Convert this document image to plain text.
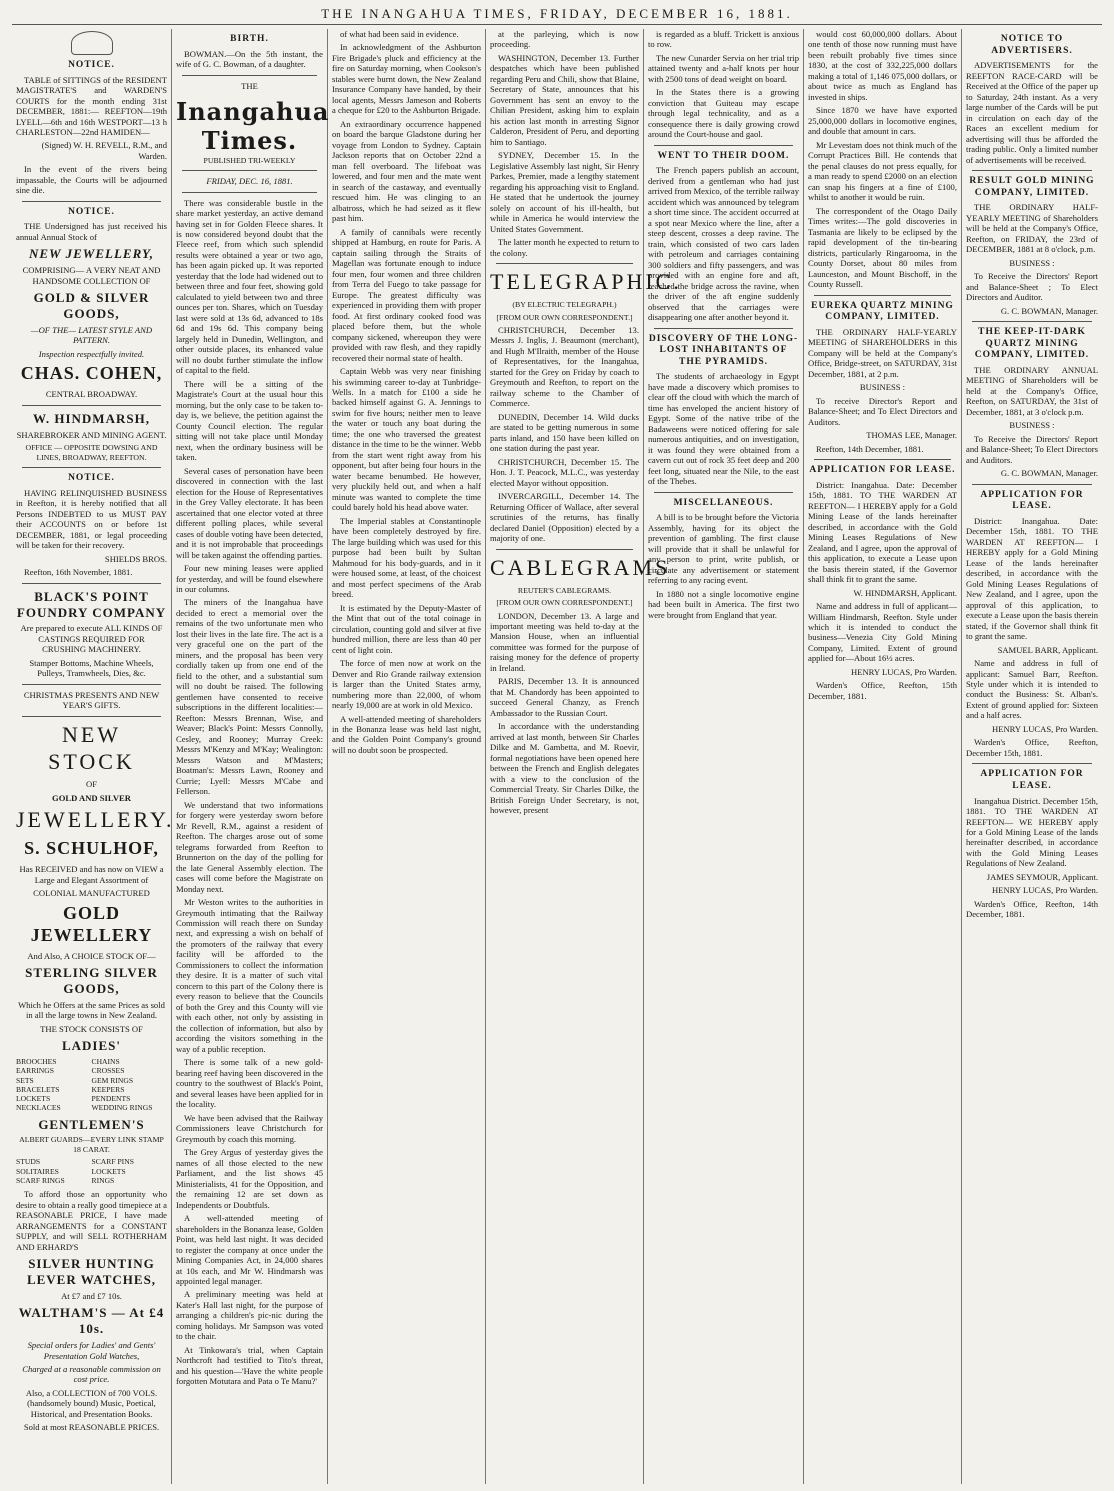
THE INANGAHUA TIMES, FRIDAY, DECEMBER 16, 1881.
NOTICE.

TABLE of SITTINGS of the RESIDENT MAGISTRATE'S and WARDEN'S COURTS for the month ending 31st DECEMBER, 1881:— REEFTON—19th LYELL—6th and 16th WESTPORT—13 h CHARLESTON—22nd HAMIDEN—

(Signed) W. H. REVELL, R.M., and Warden.

In the event of the rivers being impassable, the Courts will be adjourned sine die.

NOTICE.

THE Undersigned has just received his annual Annual Stock of

NEW JEWELLERY,

COMPRISING— A VERY NEAT AND HANDSOME COLLECTION OF

GOLD & SILVER GOODS,

—OF THE— LATEST STYLE AND PATTERN.

Inspection respectfully invited.

CHAS. COHEN,

CENTRAL BROADWAY.

W. HINDMARSH,

SHAREBROKER AND MINING AGENT.

OFFICE — OPPOSITE DOWSING AND LINES, BROADWAY, REEFTON.

NOTICE.

HAVING RELINQUISHED BUSINESS in Reefton, it is hereby notified that all Persons INDEBTED to us MUST PAY their ACCOUNTS on or before 1st DECEMBER, 1881, or legal proceeding will be taken for their recovery.

SHIELDS BROS.

Reefton, 16th November, 1881.

BLACK'S POINT FOUNDRY COMPANY

Are prepared to execute ALL KINDS OF CASTINGS REQUIRED FOR CRUSHING MACHINERY.

Stamper Bottoms, Machine Wheels, Pulleys, Tramwheels, Dies, &c.

CHRISTMAS PRESENTS AND NEW YEAR'S GIFTS.

NEW STOCK

OF

GOLD AND SILVER

JEWELLERY.
S. SCHULHOF,

Has RECEIVED and has now on VIEW a Large and Elegant Assortment of

COLONIAL MANUFACTURED

GOLD JEWELLERY

And Also, A CHOICE STOCK OF—

STERLING SILVER GOODS,

Which he Offers at the same Prices as sold in all the large towns in New Zealand.

THE STOCK CONSISTS OF

LADIES'
BROOCHES	CHAINS
EARRINGS	CROSSES
SETS	GEM RINGS
BRACELETS	KEEPERS
LOCKETS	PENDENTS
NECKLACES	WEDDING RINGS
GENTLEMEN'S

ALBERT GUARDS—EVERY LINK STAMP 18 CARAT.

STUDS	SCARF PINS
SOLITAIRES	LOCKETS
SCARF RINGS	RINGS

To afford those an opportunity who desire to obtain a really good timepiece at a REASONABLE PRICE, I have made ARRANGEMENTS for a CONSTANT SUPPLY, and will SELL ROTHERHAM AND ERHARD'S

SILVER HUNTING LEVER WATCHES,

At £7 and £7 10s.

WALTHAM'S — At £4 10s.

Special orders for Ladies' and Gents' Presentation Gold Watches,

Charged at a reasonable commission on cost price.

Also, a COLLECTION of 700 VOLS. (handsomely bound) Music, Poetical, Historical, and Presentation Books.

Sold at most REASONABLE PRICES.

BIRTH.

BOWMAN.—On the 5th instant, the wife of G. C. Bowman, of a daughter.

THE

Inangahua Times.

PUBLISHED TRI-WEEKLY

FRIDAY, DEC. 16, 1881.

There was considerable bustle in the share market yesterday, an active demand having set in for Golden Fleece shares. It is now considered beyond doubt that the Fleece reef, from which such splendid results were obtained a year or two ago, has been again picked up. It was reported yesterday that the lode had widened out to between three and four feet, showing gold calculated to yield between two and three ounces per ton. Shares, which on Tuesday last were sold at 13s 6d, advanced to 18s 6d and 19s 6d. This company being largely held in Dunedin, Wellington, and other outside places, its enhanced value will no doubt further stimulate the inflow of capital to the field.

There will be a sitting of the Magistrate's Court at the usual hour this morning, but the only case to be taken to-day is, we believe, the petition against the County Council election. The regular sitting will not take place until Monday next, when the ordinary business will be taken.

Several cases of personation have been discovered in connection with the last election for the House of Representatives in the Grey Valley electorate. It has been ascertained that one elector voted at three different polling places, while several cases of double voting have been detected, and it is not improbable that proceedings will be taken against the offending parties.

Four new mining leases were applied for yesterday, and will be found elsewhere in our columns.

The miners of the Inangahua have decided to erect a memorial over the remains of the two unfortunate men who lost their lives in the late fire. The act is a very graceful one on the part of the miners, and the proposal has been very cordially taken up from one end of the field to the other, and a substantial sum will no doubt be raised. The following gentlemen have consented to receive subscriptions in the different localities:—Reefton: Messrs Brennan, Wise, and Weaver; Black's Point: Messrs Connolly, Cesley, and Rooney; Murray Creek: Messrs M'Kenzy and M'Kay; Wealington: Messrs Watson and M'Masters; Boatman's: Messrs Lawn, Rooney and Currie; Lyell: Messrs M'Cabe and Fellerson.

We understand that two informations for forgery were yesterday sworn before Mr Revell, R.M., against a resident of Reefton. The charges arose out of some telegrams forwarded from Reefton to Brunnerton on the day of the polling for the late General Assembly election. The cases will come before the Magistrate on Monday next.

Mr Weston writes to the authorities in Greymouth intimating that the Railway Commission will reach there on Sunday next, and expressing a wish on behalf of the promoters of the railway that every facility will be afforded to the Commissioners to collect the information they desire. It is a matter of such vital concern to this part of the Colony there is every reason to believe that the Councils of both the Grey and this County will vie with each other, not only by assisting in the collection of information, but also by according the visitors something in the way of a public reception.

There is some talk of a new gold-bearing reef having been discovered in the country to the southwest of Black's Point, and several leases have been applied for in the locality.

We have been advised that the Railway Commissioners leave Christchurch for Greymouth by coach this morning.

The Grey Argus of yesterday gives the names of all those elected to the new Parliament, and the list shows 45 Ministerialists, 41 for the Opposition, and the remaining 12 are set down as Independents or Doubtfuls.

A well-attended meeting of shareholders in the Bonanza lease, Golden Point, was held last night. It was decided to register the company at once under the Mining Companies Act, in 24,000 shares at 10s each, and Mr W. Hindmarsh was appointed legal manager.

A preliminary meeting was held at Kater's Hall last night, for the purpose of arranging a children's pic-nic during the coming holidays. Mr Sampson was voted to the chair.

At Tinkowara's trial, when Captain Northcroft had testified to Tito's threat, and his question—'Have the white people forgotten Motutara and Pata o Te Manu?'

of what had been said in evidence.

In acknowledgment of the Ashburton Fire Brigade's pluck and efficiency at the fire on Saturday morning, when Cookson's stables were burnt down, the New Zealand Insurance Company have handed, by their local agents, Messrs Jameson and Roberts a cheque for £20 to the Ashburton Brigade.

An extraordinary occurrence happened on board the barque Gladstone during her voyage from London to Sydney. Captain Jackson reports that on October 22nd a man fell overboard. The lifeboat was lowered, and four men and the mate went in search of the castaway, and eventually rescued him. He was clinging to an albatross, which he had seized as it flew past him.

A family of cannibals were recently shipped at Hamburg, en route for Paris. A captain sailing through the Straits of Magellan was fortunate enough to induce four men, four women and three children from Terra del Fuego to take passage for Europe. The greatest difficulty was experienced in providing them with proper food. At first ordinary cooked food was placed before them, but the whole company sickened, whereupon they were provided with raw flesh, and they rapidly recovered their normal state of health.

Captain Webb was very near finishing his swimming career to-day at Tunbridge-Wells. In a match for £100 a side he backed himself against G. A. Jennings to swim for five hours; neither men to leave the water or touch any boat during the time; the one who traversed the greatest distance in the time to be the winner. Webb from the start went right away from his opponent, but after being four hours in the water became benumbed. He however, very pluckily held out, and when a half minute was wanted to complete the time could barely hold his head above water.

The Imperial stables at Constantinople have been completely destroyed by fire. The large building which was used for this purpose had been built by Sultan Mahmoud for his body-guards, and in it were housed some, at least, of the choicest and most perfect specimens of the Arab breed.

It is estimated by the Deputy-Master of the Mint that out of the total coinage in circulation, counting gold and silver at five hundred million, there are less than 40 per cent of light coin.

The force of men now at work on the Denver and Rio Grande railway extension is larger than the United States army, numbering more than 22,000, of whom nearly 19,000 are at work in old Mexico.

A well-attended meeting of shareholders in the Bonanza lease was held last night, and the Golden Point Company's ground will no doubt soon be prospected.

at the parleying, which is now proceeding.

WASHINGTON, December 13. Further despatches which have been published regarding Peru and Chili, show that Blaine, Secretary of State, announces that his Government has sent an envoy to the Chilian President, asking him to explain his action last month in arresting Signor Calderon, President of Peru, and deporting him to Santiago.

SYDNEY, December 15. In the Legislative Assembly last night, Sir Henry Parkes, Premier, made a lengthy statement regarding his approaching visit to England. He stated that he undertook the journey solely on account of his ill-health, but while in America he would interview the United States Government.

The latter month he expected to return to the colony.

TELEGRAPHIC.

(BY ELECTRIC TELEGRAPH.)

[FROM OUR OWN CORRESPONDENT.]

CHRISTCHURCH, December 13. Messrs J. Inglis, J. Beaumont (merchant), and Hugh M'Ilraith, member of the House of Representatives, for the Inangahua, started for the Grey on Friday by coach to Greymouth and Reefton, to report on the railway scheme to the Chamber of Commerce.

DUNEDIN, December 14. Wild ducks are stated to be getting numerous in some parts inland, and 150 have been killed on one station during the past year.

CHRISTCHURCH, December 15. The Hon. J. T. Peacock, M.L.C., was yesterday elected Mayor without opposition.

INVERCARGILL, December 14. The Returning Officer of Wallace, after several scrutinies of the returns, has finally declared Daniel (Opposition) elected by a majority of one.

CABLEGRAMS

REUTER'S CABLEGRAMS.

[FROM OUR OWN CORRESPONDENT.]

LONDON, December 13. A large and important meeting was held to-day at the Mansion House, when an influential committee was formed for the purpose of raising money for the defence of property in Ireland.

PARIS, December 13. It is announced that M. Chandordy has been appointed to succeed General Chanzy, as French Ambassador to the Russian Court.

In accordance with the understanding arrived at last month, between Sir Charles Dilke and M. Gambetta, and M. Roevir, formal negotiations have been opened here between the French and English delegates with a view to the conclusion of the Commercial Treaty. Sir Charles Dilke, the British Foreign Under Secretary, is not, however, present

is regarded as a bluff. Trickett is anxious to row.

The new Cunarder Servia on her trial trip attained twenty and a-half knots per hour with 2500 tons of dead weight on board.

In the States there is a growing conviction that Guiteau may escape through legal technicality, and as a consequence there is daily growing crowd around the Court-house and gaol.

WENT TO THEIR DOOM.

The French papers publish an account, derived from a gentleman who had just arrived from Mexico, of the terrible railway accident which was announced by telegram a short time since. The accident occurred at a spot near Mexico where the line, after a steep descent, crosses a deep ravine. The train, which consisted of two cars laden with petroleum and carriages containing 300 soldiers and fifty passengers, and was provided with an engine fore and aft, reached the bridge across the ravine, when the driver of the aft engine suddenly observed that the carriages were disappearing one after another beyond it.

DISCOVERY OF THE LONG-LOST INHABITANTS OF THE PYRAMIDS.

The students of archaeology in Egypt have made a discovery which promises to clear off the cloud with which the march of time has enveloped the ancient history of Egypt. Some of the native tribe of the Badaweens were noticed offering for sale numerous antiquities, and on investigation, it was found they were obtained from a cavern cut out of rock 35 feet deep and 200 feet long, situated near the Nile, to the east of the Thebes.

MISCELLANEOUS.

A bill is to be brought before the Victoria Assembly, having for its object the prevention of gambling. The first clause will provide that it shall be unlawful for any person to print, write publish, or circulate any advertisement or statement referring to any racing event.

In 1880 not a single locomotive engine had been built in America. The first two were brought from England that year.

would cost 60,000,000 dollars. About one tenth of those now running must have been rebuilt probably five times since 1830, at the cost of 332,225,000 dollars making a total of 1,146 075,000 dollars, or about twice as much as England has invested in ships.

Since 1870 we have have exported 25,000,000 dollars in locomotive engines, and double that amount in cars.

Mr Levestam does not think much of the Corrupt Practices Bill. He contends that the penal clauses do not press equally, for a man ready to spend £2000 on an election can snap his fingers at a fine of £100, whilst to another it would be ruin.

The correspondent of the Otago Daily Times writes:—The gold discoveries in Tasmania are likely to be eclipsed by the rapid development of the tin-bearing districts, particularly Ringarooma, in the County Dorset, about 80 miles from Launceston, and Mount Bischoff, in the County Russell.

EUREKA QUARTZ MINING COMPANY, LIMITED.

THE ORDINARY HALF-YEARLY MEETING of SHAREHOLDERS in this Company will be held at the Company's Office, Bridge-street, on SATURDAY, 31st December, 1881, at 2 p.m.

BUSINESS :

To receive Director's Report and Balance-Sheet; and To Elect Directors and Auditors.

THOMAS LEE, Manager.

Reefton, 14th December, 1881.

APPLICATION FOR LEASE.

District: Inangahua. Date: December 15th, 1881. TO THE WARDEN AT REEFTON— I HEREBY apply for a Gold Mining Lease of the lands hereinafter described, in accordance with the Gold Mining Leases Regulations of New Zealand, and I agree, upon the approval of this application, to execute a Lease upon the basis therein stated, if the Governor shall think fit to grant the same.

W. HINDMARSH, Applicant.

Name and address in full of applicant—William Hindmarsh, Reefton. Style under which it is intended to conduct the business—Venezia City Gold Mining Company, Limited. Extent of ground applied for—About 16½ acres.

HENRY LUCAS, Pro Warden.

Warden's Office, Reefton, 15th December, 1881.

NOTICE TO ADVERTISERS.

ADVERTISEMENTS for the REEFTON RACE-CARD will be Received at the Office of the paper up to Saturday, 24th instant. As a very large number of the Cards will be put in circulation on each day of the Races an excellent medium for advertising will thus be afforded the trading public. Only a limited number of advertisements will be received.

RESULT GOLD MINING COMPANY, LIMITED.

THE ORDINARY HALF-YEARLY MEETING of Shareholders will be held at the Company's Office, Reefton, on FRIDAY, the 23rd of DECEMBER, 1881 at 8 o'clock, p.m.

BUSINESS :

To Receive the Directors' Report and Balance-Sheet ; To Elect Directors and Auditor.

G. C. BOWMAN, Manager.

THE KEEP-IT-DARK QUARTZ MINING COMPANY, LIMITED.

THE ORDINARY ANNUAL MEETING of Shareholders will be held at the Company's Office, Reefton, on SATURDAY, the 31st of December, 1881, at 3 o'clock p.m.

BUSINESS :

To Receive the Directors' Report and Balance-Sheet; To Elect Directors and Auditors.

G. C. BOWMAN, Manager.

APPLICATION FOR LEASE.

District: Inangahua. Date: December 15th, 1881. TO THE WARDEN AT REEFTON— I HEREBY apply for a Gold Mining Lease of the lands hereinafter described, in accordance with the Gold Mining Leases Regulations of New Zealand, and I agree, upon the approval of this application, to execute a Lease upon the basis therein stated, if the Governor shall think fit to grant the same.

SAMUEL BARR, Applicant.

Name and address in full of applicant: Samuel Barr, Reefton. Style under which it is intended to conduct the Business: St. Alban's. Extent of ground applied for: Sixteen and a half acres.

HENRY LUCAS, Pro Warden.

Warden's Office, Reefton, December 15th, 1881.

APPLICATION FOR LEASE.

Inangahua District. December 15th, 1881. TO THE WARDEN AT REEFTON— WE HEREBY apply for a Gold Mining Lease of the lands hereinafter described, in accordance with the Gold Mining Leases Regulations of New Zealand.

JAMES SEYMOUR, Applicant.

HENRY LUCAS, Pro Warden.

Warden's Office, Reefton, 14th December, 1881.
